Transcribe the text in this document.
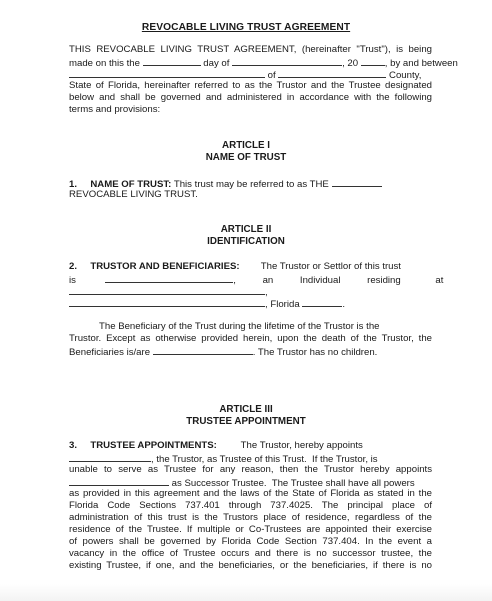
REVOCABLE LIVING TRUST AGREEMENT
THIS REVOCABLE LIVING TRUST AGREEMENT, (hereinafter "Trust"), is being
made on this the	day of	, 20	, by and between
of	County,
State of Florida, hereinafter referred to as the Trustor and the Trustee designated
below and shall be governed and administered in accordance with the following
terms and provisions:
ARTICLE I
NAME OF TRUST
1. NAME OF TRUST: This trust may be referred to as THE
REVOCABLE LIVING TRUST.
ARTICLE II
IDENTIFICATION
2. TRUSTOR AND BENEFICIARIES: The Trustor or Settlor of this trust
is	,	an	Individual	residing	at
,
, Florida	.
The Beneficiary of the Trust during the lifetime of the Trustor is the
Trustor. Except as otherwise provided herein, upon the death of the Trustor, the
Beneficiaries is/are	. The Trustor has no children.
ARTICLE III
TRUSTEE APPOINTMENT
3. TRUSTEE APPOINTMENTS: The Trustor, hereby appoints
, the Trustor, as Trustee of this Trust.  If the Trustor, is
unable to serve as Trustee for any reason, then the Trustor hereby appoints
as Successor Trustee.  The Trustee shall have all powers
as provided in this agreement and the laws of the State of Florida as stated in the
Florida Code Sections 737.401 through 737.4025. The principal place of
administration of this trust is the Trustors place of residence, regardless of the
residence of the Trustee. If multiple or Co-Trustees are appointed their exercise
of powers shall be governed by Florida Code Section 737.404. In the event a
vacancy in the office of Trustee occurs and there is no successor trustee, the
existing Trustee, if one, and the beneficiaries, or the beneficiaries, if there is no
